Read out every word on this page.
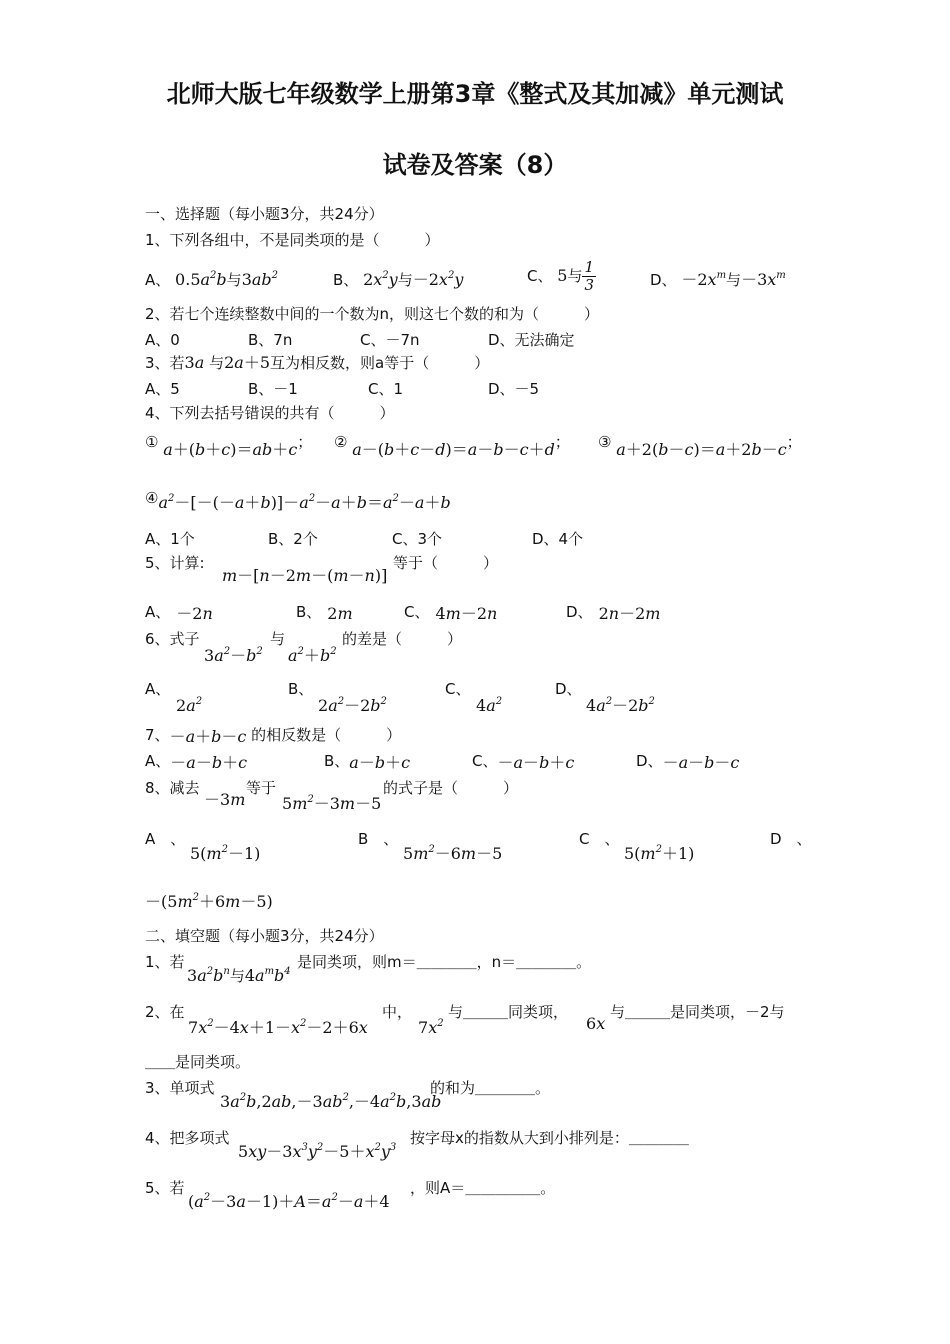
北师大版七年级数学上册第3章《整式及其加减》单元测试
试卷及答案（8）
一、选择题（每小题3分，共24分）
1、下列各组中，不是同类项的是（　　　）
A、 $0.5a^2b$与$3ab^2$	B、 $2x^2y$与$-2x^2y$	C、 5与 $\frac{1}{3}$	D、 $-2x^m$与$-3x^m$
2、若七个连续整数中间的一个数为n，则这七个数的和为（　　　）
A、0	B、7n	C、－7n	D、无法确定
3、若3a 与2a＋5互为相反数，则a等于（　　　）
A、5	B、－1	C、1	D、－5
4、下列去括号错误的共有（　　　）
① a＋(b＋c)＝ab＋c； ② a－(b＋c－d)＝a－b－c＋d； ③ a＋2(b－c)＝a＋2b－c；
$④a^2-[-(-a+b)]-a^2-a+b=a^2-a+b$
A、1个	B、2个	C、3个	D、4个
5、计算:
m－[n－2m－(m－n)]
等于（　　　）
A、 －2n	B、 2m	C、 4m－2n	D、 2n－2m
6、式子
$3a^2-b^2$
与
$a^2+b^2$
的差是（　　　）
A、
$2a^2$
B、
$2a^2-2b^2$
C、
$4a^2$
D、
$4a^2-2b^2$
7、－a＋b－c 的相反数是（　　　）
A、－a－b＋c	B、a－b＋c	C、－a－b＋c	D、－a－b－c
8、减去
－3m
等于
$5m^2-3m-5$
的式子是（　　　）
A　、
$5(m^2-1)$
B　、
$5m^2-6m-5$
C　、
$5(m^2+1)$
D　、
$-(5m^2+6m-5)$
二、填空题（每小题3分，共24分）
1、若
$3a^2b^n$与$4a^mb^4$
是同类项，则m＝＿＿＿＿，n＝＿＿＿＿。
2、在
$7x^2-4x+1-x^2-2+6x$
中，
$7x^2$
与＿＿＿同类项，
6x
与＿＿＿是同类项，－2与
＿＿是同类项。
3、单项式
$3a^2b,2ab,-3ab^2,-4a^2b,3ab$
的和为＿＿＿＿。
4、把多项式
$5xy-3x^3y^2-5+x^2y^3$
按字母x的指数从大到小排列是：＿＿＿＿
5、若
$(a^2-3a-1)+A=a^2-a+4$
，则A＝＿＿＿＿＿。
